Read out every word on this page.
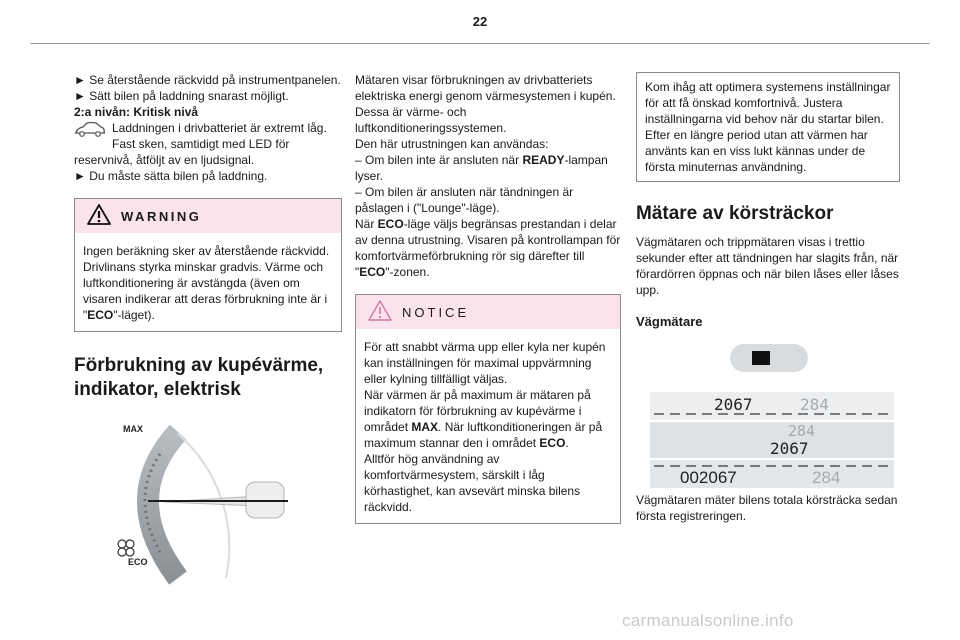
22

► Se återstående räckvidd på instrumentpanelen.

► Sätt bilen på laddning snarast möjligt.

2:a nivån: Kritisk nivå

Laddningen i drivbatteriet är extremt låg.

Fast sken, samtidigt med LED för

reservnivå, åtföljt av en ljudsignal.

► Du måste sätta bilen på laddning.

WARNING

Ingen beräkning sker av återstående räckvidd. Drivlinans styrka minskar gradvis. Värme och luftkonditionering är avstängda (även om visaren indikerar att deras förbrukning inte är i "ECO"-läget).

Förbrukning av kupévärme,

indikator, elektrisk

MAX
ECO

Mätaren visar förbrukningen av drivbatteriets elektriska energi genom värmesystemen i kupén. Dessa är värme- och luftkonditioneringssystemen.

Den här utrustningen kan användas:

– Om bilen inte är ansluten när READY-lampan lyser.

– Om bilen är ansluten när tändningen är påslagen i ("Lounge"-läge).

När ECO-läge väljs begränsas prestandan i delar av denna utrustning. Visaren på kontrollampan för komfortvärmeförbrukning rör sig därefter till "ECO"-zonen.

NOTICE

För att snabbt värma upp eller kyla ner kupén kan inställningen för maximal uppvärmning eller kylning tillfälligt väljas.

När värmen är på maximum är mätaren på indikatorn för förbrukning av kupévärme i området MAX. När luftkonditioneringen är på maximum stannar den i området ECO.

Alltför hög användning av komfortvärmesystem, särskilt i låg körhastighet, kan avsevärt minska bilens räckvidd.

Kom ihåg att optimera systemens inställningar för att få önskad komfortnivå. Justera inställningarna vid behov när du startar bilen.

Efter en längre period utan att värmen har använts kan en viss lukt kännas under de första minuternas användning.

Mätare av körsträckor

Vägmätaren och trippmätaren visas i trettio sekunder efter att tändningen har slagits från, när förardörren öppnas och när bilen låses eller låses upp.

Vägmätare

2067	284
284
2067
002067	284

Vägmätaren mäter bilens totala körsträcka sedan första registreringen.

carmanualsonline.info
